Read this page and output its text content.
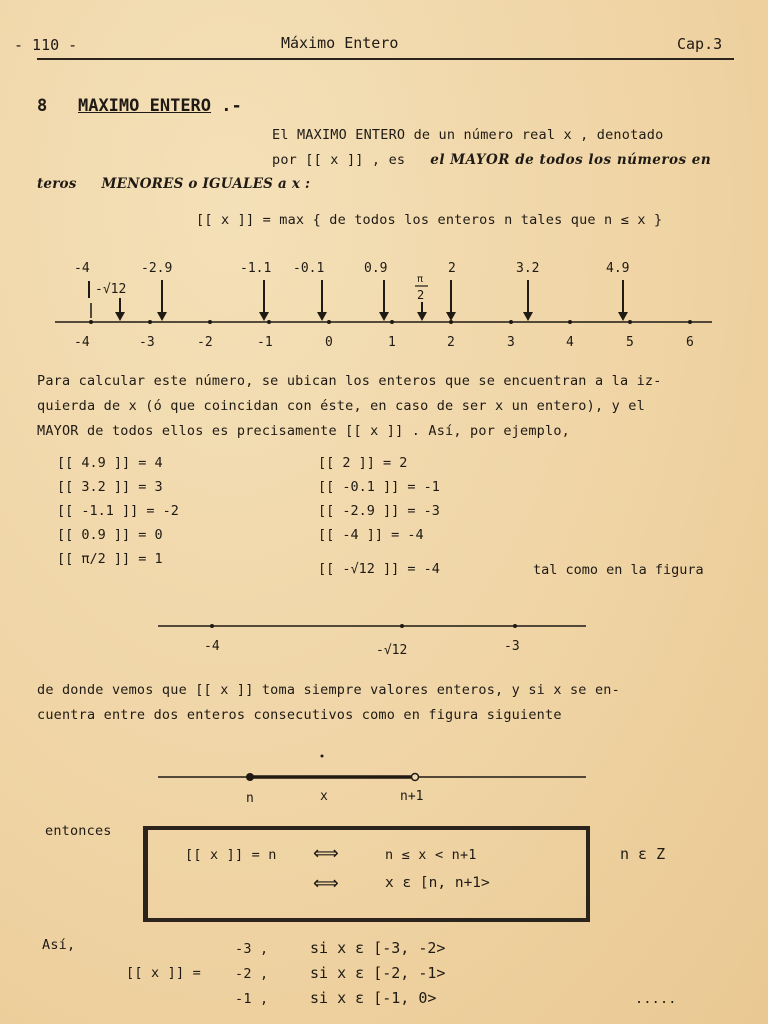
- 110 -	Máximo Entero	Cap.3
8 MAXIMO ENTERO .-
El MAXIMO ENTERO de un número real x , denotado
por [[ x ]] , es el MAYOR de todos los números en
teros MENORES o IGUALES a x :
[[ x ]] = max { de todos los enteros n tales que n ≤ x }
-4	-2.9	-1.1 -0.1	0.9	2	3.2	4.9
-√12
π
2
-4	-3	-2	-1	0	1	2	3	4	5	6
Para calcular este número, se ubican los enteros que se encuentran a la iz-
quierda de x (ó que coincidan con éste, en caso de ser x un entero), y el
MAYOR de todos ellos es precisamente [[ x ]] . Así, por ejemplo,
[[ 4.9 ]] = 4
[[ 3.2 ]] = 3
[[ -1.1 ]] = -2
[[ 0.9 ]] = 0
[[ π/2 ]] = 1
[[ 2 ]] = 2
[[ -0.1 ]] = -1
[[ -2.9 ]] = -3
[[ -4 ]] = -4
[[ -√12 ]] = -4	tal como en la figura
-4	-√12	-3
de donde vemos que [[ x ]] toma siempre valores enteros, y si x se en-
cuentra entre dos enteros consecutivos como en figura siguiente
n	x	n+1
entonces
[[ x ]] = n ⟺	n ≤ x < n+1
⟺	x ε [n, n+1>
n ε Z
Así,
[[ x ]] =
-3 ,	si x ε [-3, -2>
-2 ,	si x ε [-2, -1>
-1 ,	si x ε [-1, 0>	.....
